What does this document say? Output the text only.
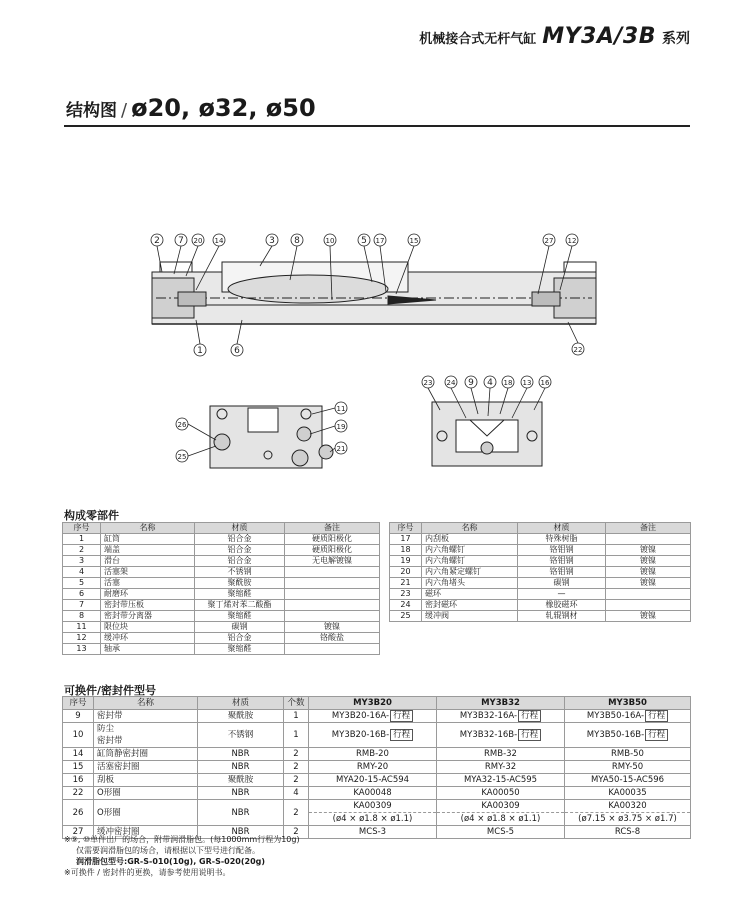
机械接合式无杆气缸 MY3A/3B 系列
结构图 / ø20, ø32, ø50
2 7 20 14	3 8	10	5 17	15	27 12
1	6	22
11
19
21
26
25
23 24 9 4 18 13 16
构成零部件
序号	名称	材质	备注
1	缸筒	铝合金	硬质阳极化
2	端盖	铝合金	硬质阳极化
3	滑台	铝合金	无电解镀镍
4	活塞架	不锈钢	
5	活塞	聚酰胺	
6	耐磨环	聚缩醛	
7	密封带压板	聚丁烯对苯二酸酯	
8	密封带分离器	聚缩醛	
11	限位块	碳钢	镀镍
12	缓冲环	铝合金	铬酸盐
13	轴承	聚缩醛	
序号	名称	材质	备注
17	内刮板	特殊树脂	
18	内六角螺钉	铬钼钢	镀镍
19	内六角螺钉	铬钼钢	镀镍
20	内六角紧定螺钉	铬钼钢	镀镍
21	内六角堵头	碳钢	镀镍
23	磁环	—	
24	密封磁环	橡胶磁环	
25	缓冲阀	轧辊钢材	镀镍
可换件/密封件型号
序号	名称	材质	个数	MY3B20	MY3B32	MY3B50
9	密封带	聚酰胺	1	MY3B20-16A- 行程	MY3B32-16A- 行程	MY3B50-16A- 行程
10	防尘
密封带	不锈钢	1	MY3B20-16B- 行程	MY3B32-16B- 行程	MY3B50-16B- 行程
14	缸筒静密封圈	NBR	2	RMB-20	RMB-32	RMB-50
15	活塞密封圈	NBR	2	RMY-20	RMY-32	RMY-50
16	刮板	聚酰胺	2	MYA20-15-AC594	MYA32-15-AC595	MYA50-15-AC596
22	O形圈	NBR	4	KA00048	KA00050	KA00035
26	O形圈	NBR	2	KA00309	KA00309	KA00320
				(ø4 × ø1.8 × ø1.1)	(ø4 × ø1.8 × ø1.1)	(ø7.15 × ø3.75 × ø1.7)
27	缓冲密封圈	NBR	2	MCS-3	MCS-5	RCS-8
※⑨, ⑩单件出厂的场合，附带润滑脂包。(每1000mm行程为10g)
仅需要润滑脂包的场合，请根据以下型号进行配备。
润滑脂包型号:GR-S-010(10g), GR-S-020(20g)
※可换件 / 密封件的更换，请参考使用说明书。
